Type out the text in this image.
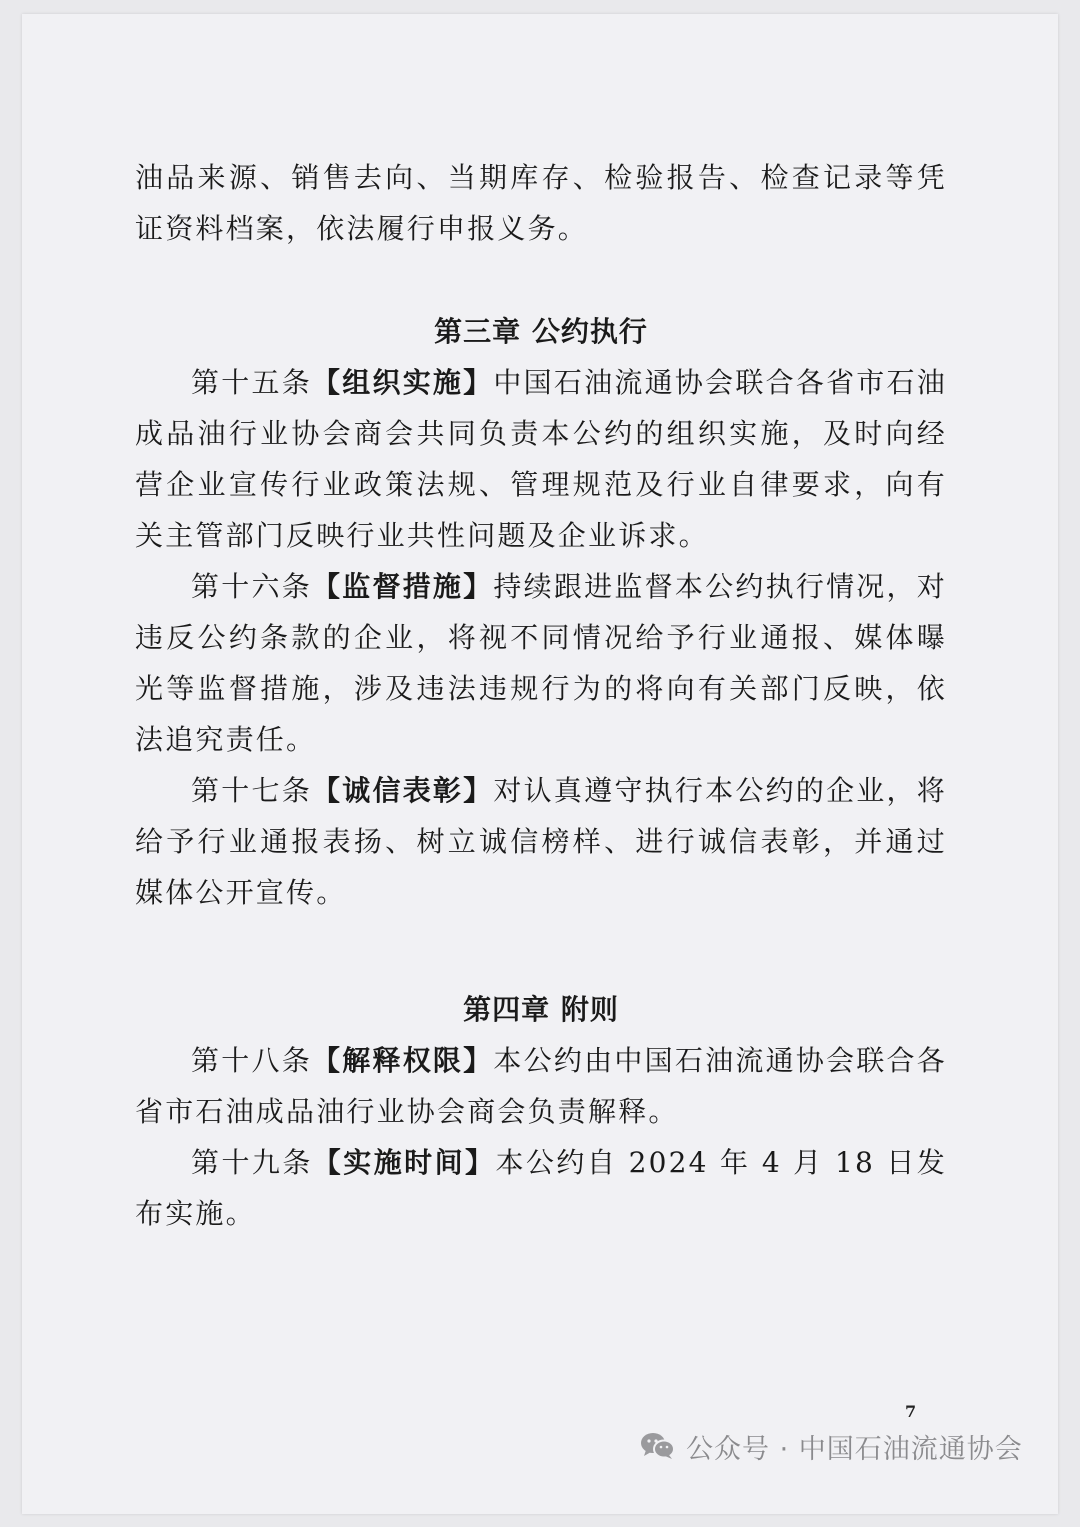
油品来源、销售去向、当期库存、检验报告、检查记录等凭证资料档案，依法履行申报义务。

第三章 公约执行

第十五条【组织实施】中国石油流通协会联合各省市石油成品油行业协会商会共同负责本公约的组织实施，及时向经营企业宣传行业政策法规、管理规范及行业自律要求，向有关主管部门反映行业共性问题及企业诉求。

第十六条【监督措施】持续跟进监督本公约执行情况，对违反公约条款的企业，将视不同情况给予行业通报、媒体曝光等监督措施，涉及违法违规行为的将向有关部门反映，依法追究责任。

第十七条【诚信表彰】对认真遵守执行本公约的企业，将给予行业通报表扬、树立诚信榜样、进行诚信表彰，并通过媒体公开宣传。

第四章 附则

第十八条【解释权限】本公约由中国石油流通协会联合各省市石油成品油行业协会商会负责解释。

第十九条【实施时间】本公约自 2024 年 4 月 18 日发布实施。

7
公众号 · 中国石油流通协会
